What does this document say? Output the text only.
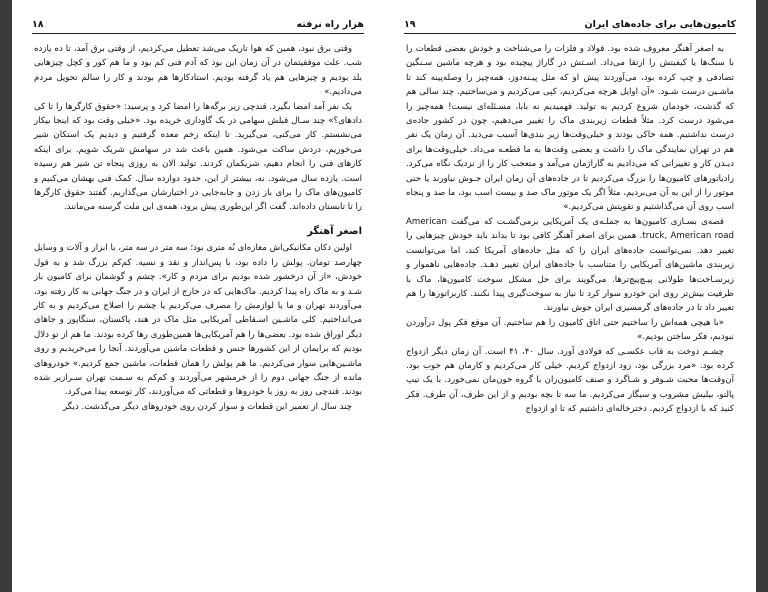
هزار راه نرفته
۱۸

وقتی برق نبود، همین که هوا تاریک می‌شد تعطیل می‌کردیم، از وقتی برق آمد، تا ده یازده شب. علت موفقیتمان در آن زمان این بود که آدم فنی کم بود و ما هم کور و کچل چیزهایی بلد بودیم و چیزهایی هم یاد گرفته بودیم. استادکارها هم بودند و کار را سالم تحویل مردم می‌دادیم.»

یک نفر آمد امضا بگیرد. قندچی زیر برگه‌ها را امضا کرد و پرسید: «حقوق کارگرها را تا کی دادهای؟» چند سـال قبلش سهامی در یک گاوداری خریده بود. «خیلی وقت بود که اینجا بیکار می‌نشستم. کار می‌کنی، می‌گیرید. تا اینکه زخم معده گرفتیم و دیدیم یک استکان شیر می‌خوریم، دردش ساکت می‌شود. همین باعث شد در سهامش شریک شویم. برای اینکه کارهای فنی را انجام دهیم، شریکمان کردند. تولید الان به روزی پنجاه تن شیر هم رسیده است. یازده سال می‌شود. نه، بیشتر از این، حدود دوازده سال. کمک فنی بهشان می‌کنیم و کامیون‌های ماک را برای باز زدن و جابه‌جایی در اختیارشان می‌گذاریم. گفتند حقوق کارگرها را تا تابستان داده‌اند. گفت اگر این‌طوری پیش برود، همه‌ی این ملت گرسنه می‌مانند.

اصغر آهنگر

اولین دکان مکانیکی‌اش مغازه‌ای نُه متری بود؛ سه متر در سه متر، با ابزار و آلات و وسایل چهارصد تومان. پولش را داده بود، با پس‌انداز و نقد و نسیه. کم‌کم بزرگ شد و به قول خودش، «از آن درخشور شده بودیم برای مردم و کار». چشم و گوشمان برای کامیون باز شـد و به ماک راه پیدا کردیم. ماک‌هایی که در خارج از ایران و در جنگ جهانی به کار رفته بود، می‌آوردند تهران و ما یا لوازمش را مصرف می‌کردیم یا چشم را اصلاح می‌کردیم و به کار می‌انداختیم. کلی ماشـین اسـقاطی آمریکایی مثل ماک در هند، پاکستان، سنگاپور و جاهای دیگر اوراق شده بود. بعضی‌ها را هم آمریکایی‌ها همین‌طوری رها کرده بودند. ما هم از تو دلال بودیم که برایمان از این کشورها جنس و قطعات ماشین می‌آوردند. آنجا را می‌خریدیم و روی ماشـین‌هایی سوار می‌کردیم. ما هم پولش را همان قطعات، ماشین جمع کردیم.» خودروهای مانده از جنگ جهانی دوم را از خرمشهر می‌آوردند و کم‌کم به سـمت تهران سـرازیر شده بودند. قندچی روز به روز با خودروها و قطعاتی که می‌آوردند، کار توسعه پیدا می‌کرد.

چند سال از تعمیر این قطعات و سوار کردن روی خودروهای دیگر می‌گذشت. دیگر

کامیون‌هایی برای جاده‌های ایران
۱۹

به اصغر آهنگر معروف شده بود. فولاد و فلزات را می‌شناخت و خودش بعضی قطعات را با سنگ‌ها یا کیفیتش را ارتقا می‌داد. اسـتش در گاراژ پیچیده بود و هرچه ماشین سـنگین تصادفی و چپ کرده بود، می‌آوردند پیش او که مثل پیـنه‌دوز، همه‌چیز را وصله‌پینه کند تا ماشـین درست شـود. «آن اوایل هرچه می‌کردیم، کپی می‌کردیم و می‌ساختیم. چند سالی هم که گذشت، خودمان شروع کردیم به تولید. فهمیدیم نه بابا، مسـئله‌ای نیست! همه‌چیز را می‌شود درست کرد. مثلاً قطعات زیربندی ماک را تغییر می‌دهیم، چون در کشور جاده‌ی درست نداشتیم. همه خاکی بودند و خیلی‌وقت‌ها زیر بندی‌ها آسیب می‌دید. آن زمان یک نفر هم در تهران نمایندگی ماک را داشت و بعضی وقت‌ها به ما قطعـه می‌داد. خیلی‌وقت‌ها برای دیـدن کار و تغییراتی که می‌دادیم به گاراژمان می‌آمد و متعجب کار را از نزدیک نگاه می‌کرد. رادیاتورهای کامیون‌ها را بزرگ می‌کردیم تا در جاده‌های آن زمان ایران جـوش نیاورند یا حتی موتور را از این به آن می‌بردیم، مثلاً اگر یک موتور ماک صد و بیست اسب بود، ما صد و پنجاه اسب روی آن می‌گذاشتیم و تقویتش می‌کردیم.»

قصه‌ی بسـازی کامیون‌ها به جملـه‌ی یک آمریکایی برمی‌گشـت که می‌گفت American truck, American road. همین برای اصغر آهنگر کافی بود تا بداند باید خودش چیزهایی را تغییر دهد. نمی‌توانست جاده‌های ایران را که مثل جاده‌های آمریکا کند، اما می‌توانست زیربندی ماشین‌های آمریکایی را متناسب با جاده‌های ایران تغییر دهـد. جاده‌هایی ناهموار و زیرسـاخت‌ها طولانی پیـچ‌پیچ‌تر‌ها. می‌گویند برای حل مشکل سوخت کامیون‌ها، ماک با ظرفیت بیش‌تر روی این خودرو سوار کرد تا نیاز به سوخت‌گیری پیدا نکنند. کاربراتورها را هم تغییر داد تا در جاده‌های گرمسیری ایران جوش نیاورند.

«با هیچی همه‌اش را ساختیم حتی اتاق کامیون را هم ساختیم. آن موقع فکر پول درآوردن نبودیم، فکر ساختن بودیم.»

چشـم دوخت به قاب عکسـی که فولادی آورد. سال ۴۰، ۴۱ است. آن زمان دیگر ازدواج کرده بود. «مرد بزرگی بود، زود ازدواج کردیم. خیلی کار می‌کردیم و کارمان هم خوب بود. آن‌وقت‌ها محبت شـوفر و شـاگرد و صنف کامیون‌ران با گروه خون‌مان نمی‌خورد. با یک تیپ پالتو، بیلیش مشروب و سیگار می‌کردیم. ما سه تا بچه بودیم و از این طرف، آن طرف. فکر کنید که با ازدواج کردیم. دختر‌خاله‌ای داشتیم که تا او ازدواج
